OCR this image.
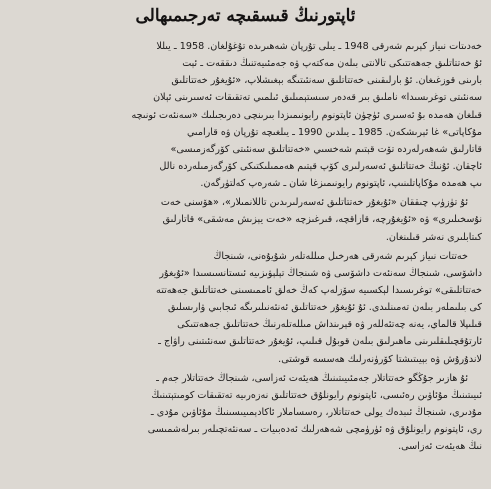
ئاپتورنىڭ قىسقىچە تەرجىمىھالى
خەدىتات نىياز كېرىم شەرقى 1948 ـ يىلى تۇرپان شەھىرىدە تۇغۇلغان. 1958 ـ يىللا
ئۇ خەتتاتلىق جەھەتتىكى تالانتى بىلەن مەكتەپ ۋە جەمئىيەتنىڭ دىققەت ـ ئې‍ت
بارىنى قوزغىغان. ئۇ بارلىقىنى خەتتاتلىق سەنئىتىگە بېغىشلاپ، «ئۇيغۇر خەتتاتلىق
سەنئىتى توغرىسىدا» ناملىق بىر قەدەر سىستېمىلىق ئىلمىي تەتقىقات ئەسىرىنى ئېلان
قىلغان ھەمدە بۇ ئەسىرى ئۈچۈن ئاپتونوم رايونىمىزدا بىرىنچى دەرىجىلىك «سەنئەت ئونىچە
مۇكاپاتى» غا ئېرىشكەن. 1985 ـ يىلدىن 1990 ـ يىلغىچە تۇرپان ۋە قارامىي
قاتارلىق شەھەرلەردە تۆت قېتىم شەخسىي «خەتتاتلىق سەنئىتى كۆرگەزمىسى»
ئاچقان. ئۇنىڭ خەتتاتلىق ئەسەرلىرى كۆپ قېتىم ھەممىلىكتىكى كۆرگەزمىلەردە نالل
ىپ ھەمدە مۇكاپاتلىنىپ، ئاپتونوم رايونىمىزغا شان ـ شەرەپ كەلتۈرگەن.
ئۇ تۈزۈپ چىققان «ئۇيغۇر خەتتاتلىق ئەسەرلىرىدىن تاللانمىلار»، «ھۆسنى خەت
نۇسخىلىرى» ۋە «ئۇيغۇرچە، قازاقچە، قىرغىزچە «خەت يېزىش مەشقى» قاتارلىق
كىتابلىرى نەشر قىلىنغان.
خەتتات نىياز كېرىم شەرقى ھەرخىل مىللەتلەر شۇيۇەنى، شىنجاڭ
داشۆسى، شىنجاڭ سەنئەت داشۆسى ۋە شىنجاڭ تېلېۋىزىيە ئىستانسىسىدا «ئۇيغۇر
خەتتاتلىقى» توغرىسىدا لېكسىيە سۆزلەپ كەڭ خەلق ئاممىسىنى خەتتاتلىق جەھەتتە
كى بىلىملەر بىلەن تەمىنلىدى. ئۇ ئۇيغۇر خەتتاتلىق ئەنئەنىلىرىگە ئىجابىي ۋارىسلىق
قىلىپلا قالماي، يەنە چەتئەللەر ۋە قېرىنداش مىللەتلەرنىڭ خەتتاتلىق جەھەتتىكى
ئارتۇقچىلىقلىرىنى ماھىرلىق بىلەن قوبۇل قىلىپ، ئۇيغۇر خەتتاتلىق سەنئىتىنى راۋاج ـ
لاندۇرۇش ۋە بېيىتىشتا كۆرۈنەرلىك ھەسسە قوشتى.
ئۇ ھازىر جۇڭگو خەتتاتلار جەمئىيىتىنىڭ ھەيئەت ئەزاسى، شىنجاڭ خەتتاتلار جەم ـ
ئىيىتىنىڭ مۇئاۋىن رەئىسى، ئاپتونوم رايونلۇق خەتتاتلىق نەزەرىيە تەتقىقات كومىتېتىنىڭ
مۇدىرى، شىنجاڭ ئىبدەك يولى خەتتاتلار، رەسساملار ئاكادېمىيىسىنىڭ مۇئاۋىن مۇدى ـ
رى، ئاپتونوم رايونلۇق ۋە ئۈرۈمچى شەھەرلىك ئەدەبىيات ـ سەنئەتچىلەر بىرلەشمىسى
نىڭ ھەيئەت ئەزاسى.
